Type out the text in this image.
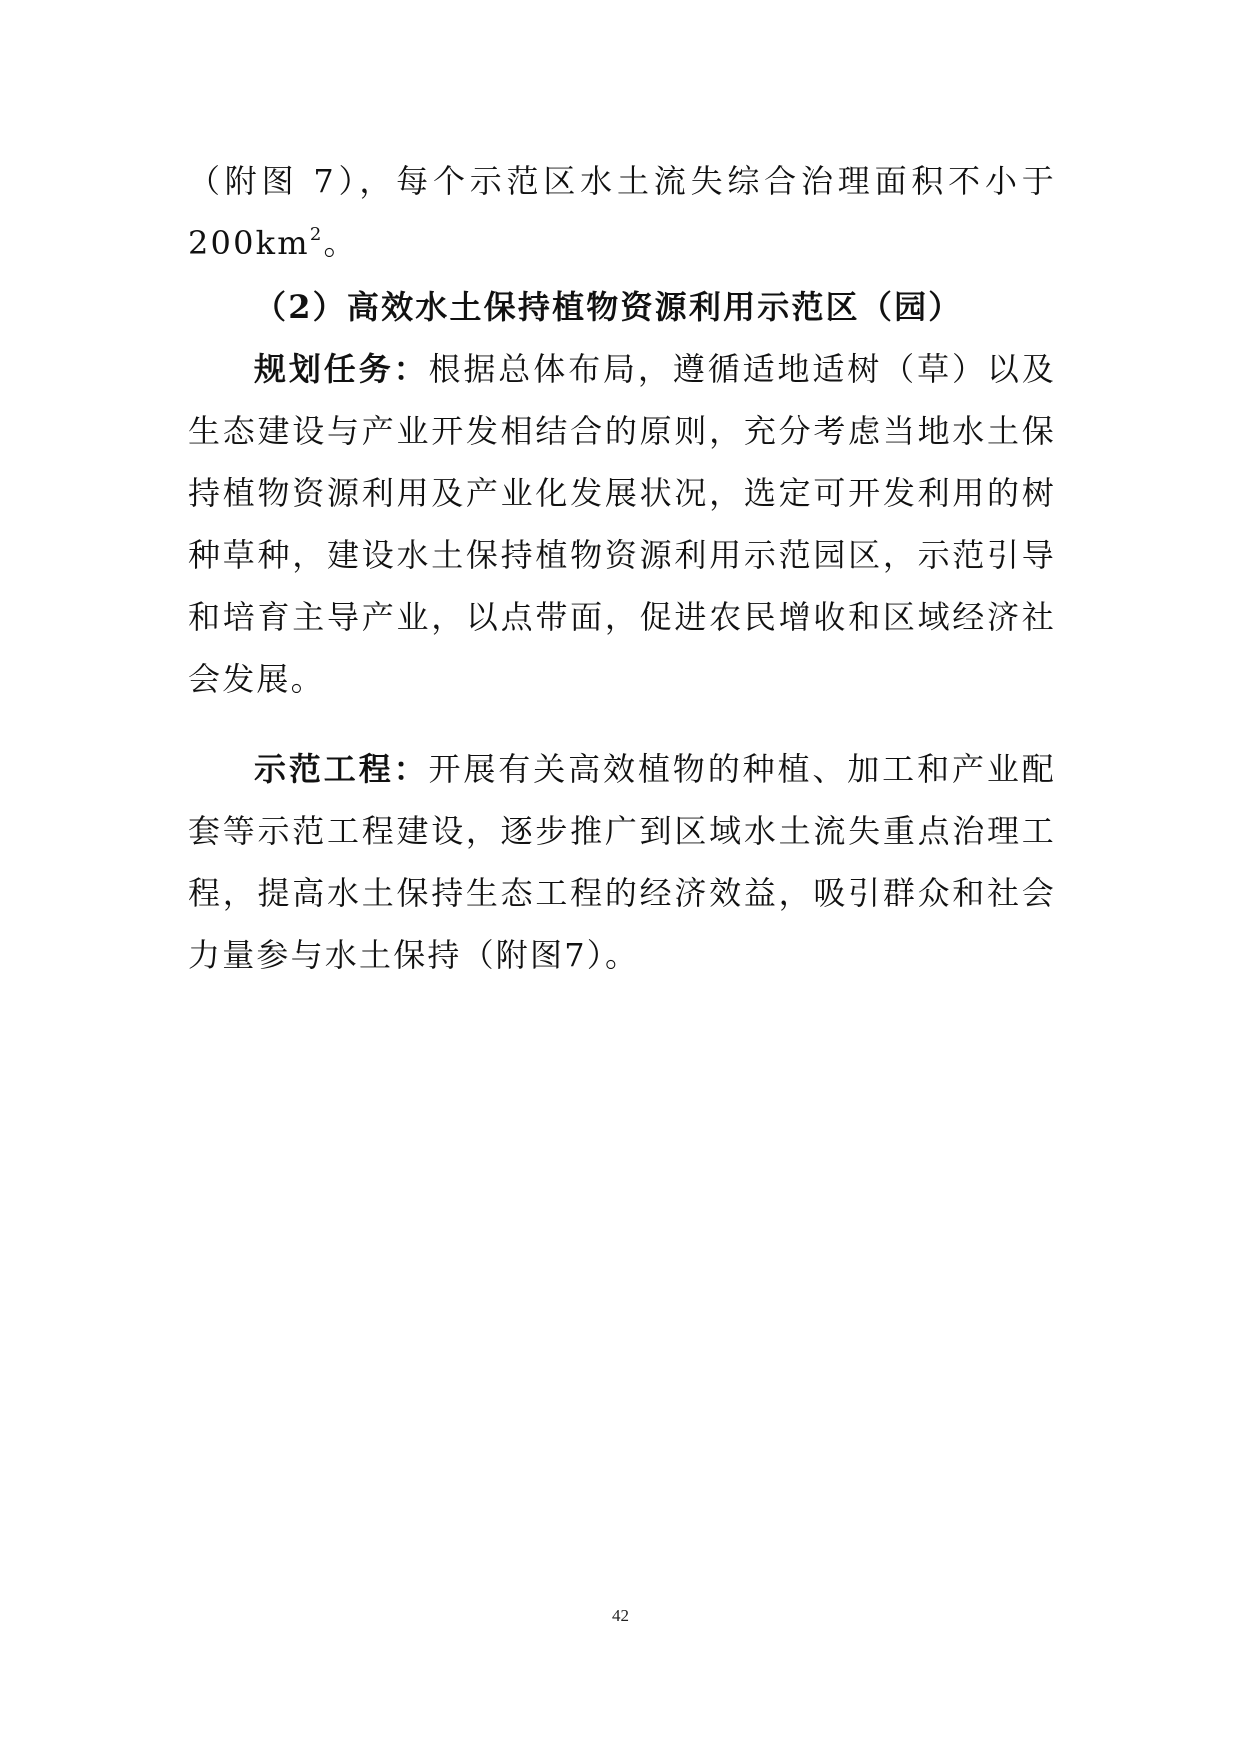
（附图 7），每个示范区水土流失综合治理面积不小于$200km^2$。

（2）高效水土保持植物资源利用示范区（园）

规划任务：根据总体布局，遵循适地适树（草）以及生态建设与产业开发相结合的原则，充分考虑当地水土保持植物资源利用及产业化发展状况，选定可开发利用的树种草种，建设水土保持植物资源利用示范园区，示范引导和培育主导产业，以点带面，促进农民增收和区域经济社会发展。

示范工程：开展有关高效植物的种植、加工和产业配套等示范工程建设，逐步推广到区域水土流失重点治理工程，提高水土保持生态工程的经济效益，吸引群众和社会力量参与水土保持（附图7）。

42
